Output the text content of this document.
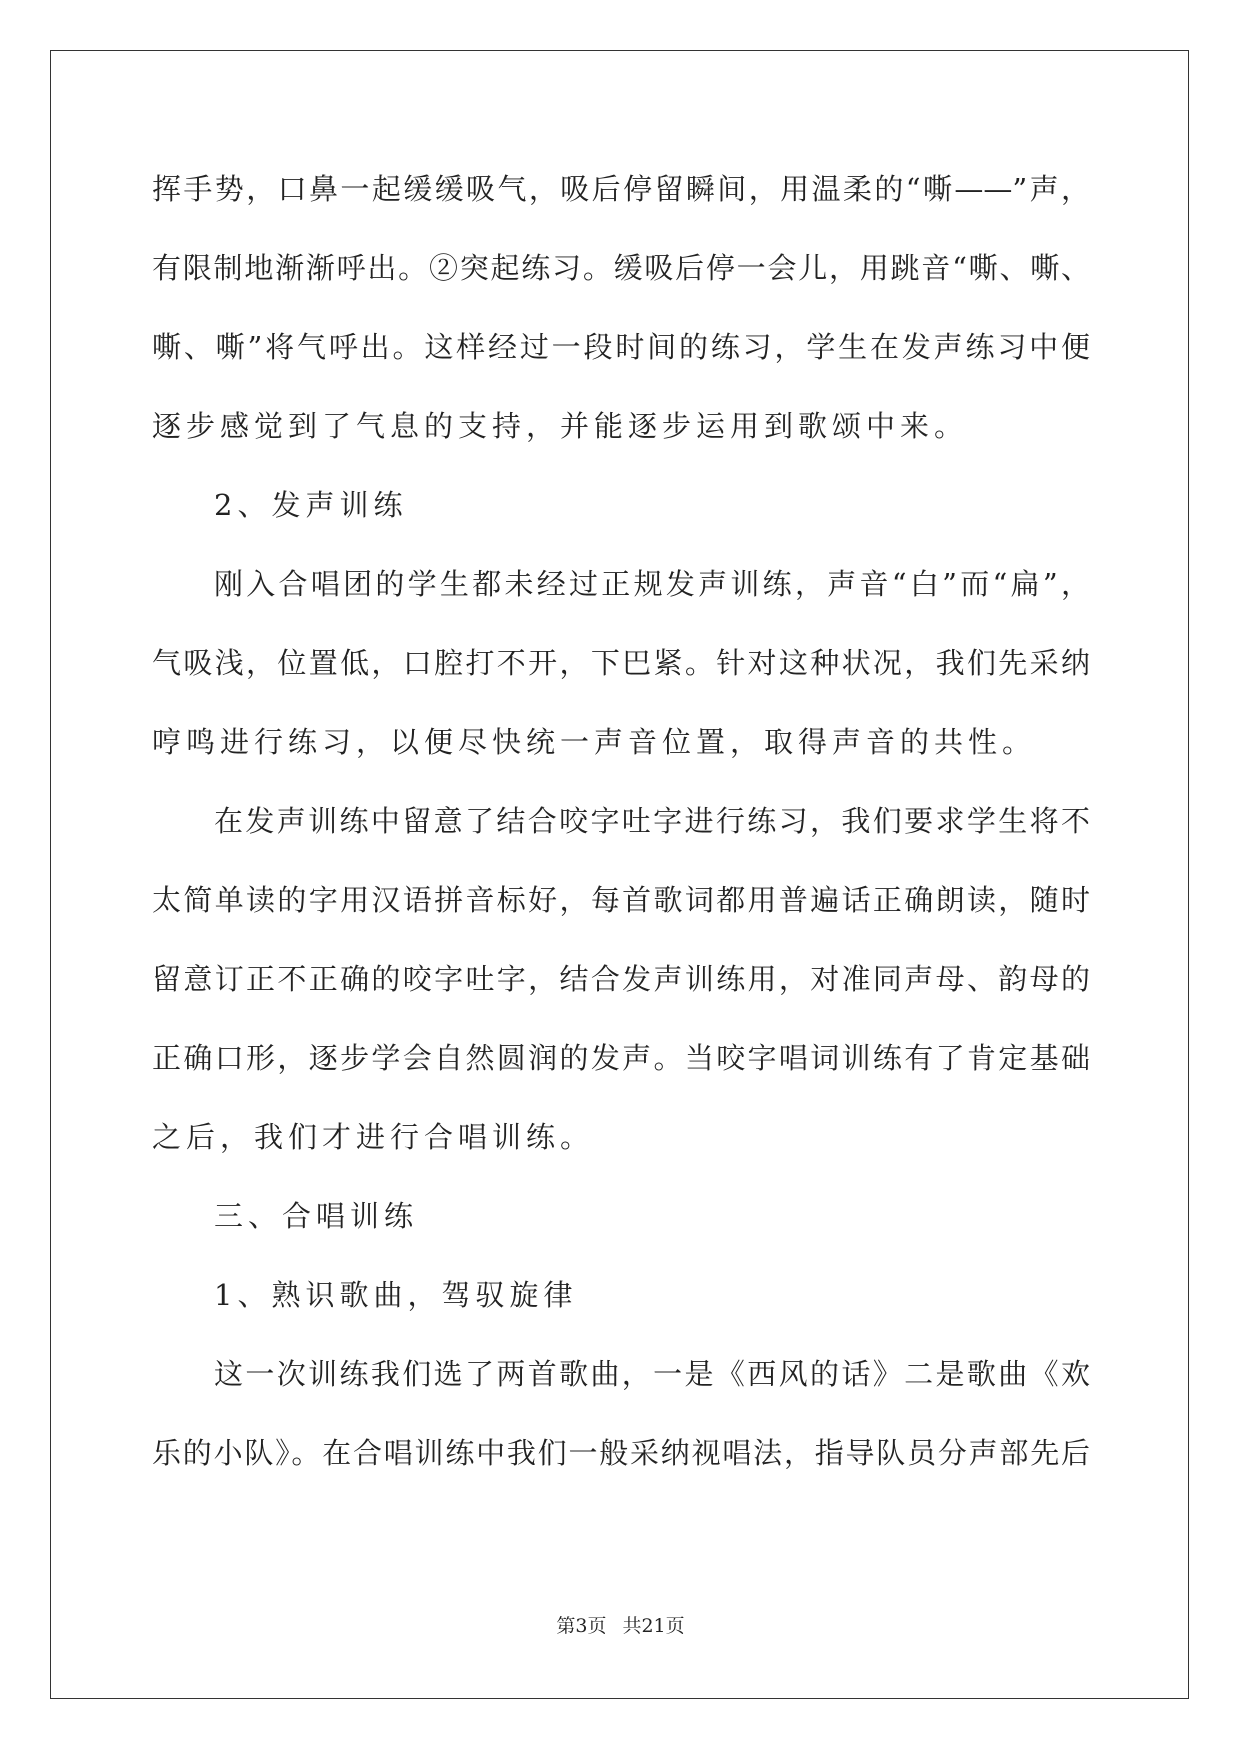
挥手势，口鼻一起缓缓吸气，吸后停留瞬间，用温柔的“嘶——”声，
有限制地渐渐呼出。②突起练习。缓吸后停一会儿，用跳音“嘶、嘶、
嘶、嘶”将气呼出。这样经过一段时间的练习，学生在发声练习中便
逐步感觉到了气息的支持，并能逐步运用到歌颂中来。
2、发声训练
刚入合唱团的学生都未经过正规发声训练，声音“白”而“扁”，
气吸浅，位置低，口腔打不开，下巴紧。针对这种状况，我们先采纳
哼鸣进行练习，以便尽快统一声音位置，取得声音的共性。
在发声训练中留意了结合咬字吐字进行练习，我们要求学生将不
太简单读的字用汉语拼音标好，每首歌词都用普遍话正确朗读，随时
留意订正不正确的咬字吐字，结合发声训练用，对准同声母、韵母的
正确口形，逐步学会自然圆润的发声。当咬字唱词训练有了肯定基础
之后，我们才进行合唱训练。
三、合唱训练
1、熟识歌曲，驾驭旋律
这一次训练我们选了两首歌曲，一是《西风的话》二是歌曲《欢
乐的小队》。在合唱训练中我们一般采纳视唱法，指导队员分声部先后
第3页 共21页
